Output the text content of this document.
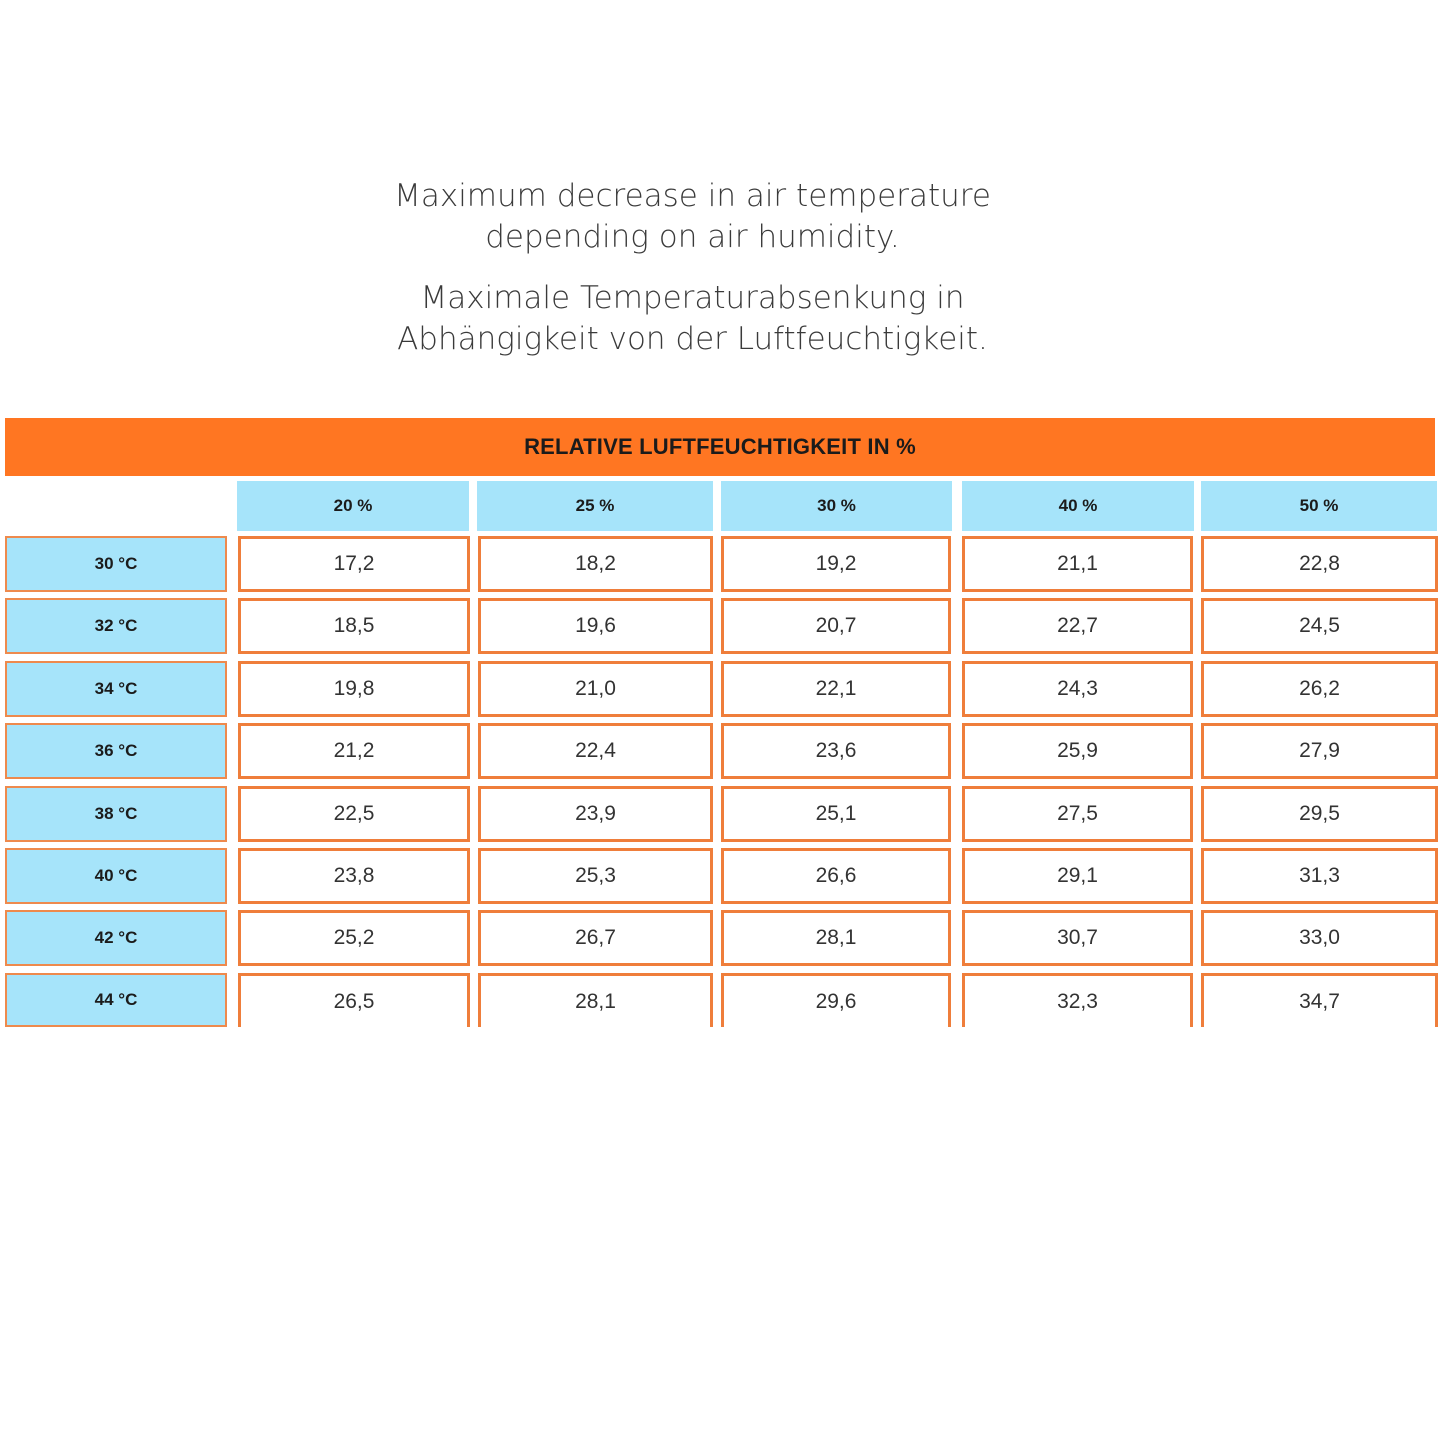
Maximum decrease in air temperature
depending on air humidity.
Maximale Temperaturabsenkung in
Abhängigkeit von der Luftfeuchtigkeit.
RELATIVE LUFTFEUCHTIGKEIT IN %
20 %	25 %	30 %	40 %	50 %
30 °C	17,2	18,2	19,2	21,1	22,8
32 °C	18,5	19,6	20,7	22,7	24,5
34 °C	19,8	21,0	22,1	24,3	26,2
36 °C	21,2	22,4	23,6	25,9	27,9
38 °C	22,5	23,9	25,1	27,5	29,5
40 °C	23,8	25,3	26,6	29,1	31,3
42 °C	25,2	26,7	28,1	30,7	33,0
44 °C	26,5	28,1	29,6	32,3	34,7
